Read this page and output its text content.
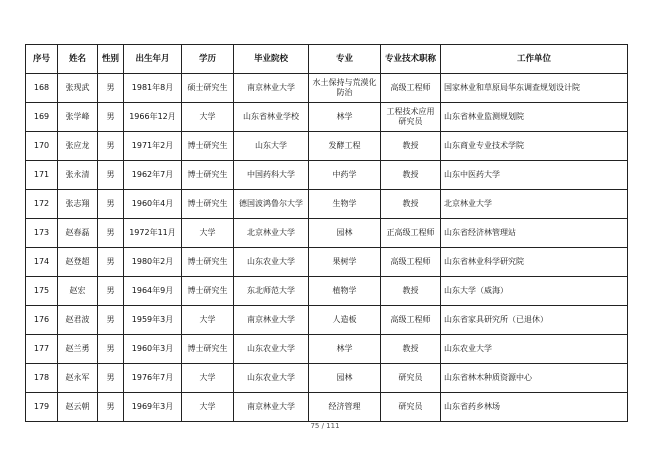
序号	姓名	性别	出生年月	学历	毕业院校	专业	专业技术职称	工作单位
168	张现武	男	1981年8月	硕士研究生	南京林业大学	水土保持与荒漠化防治	高级工程师	国家林业和草原局华东调查规划设计院
169	张学峰	男	1966年12月	大学	山东省林业学校	林学	工程技术应用研究员	山东省林业监测规划院
170	张应龙	男	1971年2月	博士研究生	山东大学	发酵工程	教授	山东商业专业技术学院
171	张永清	男	1962年7月	博士研究生	中国药科大学	中药学	教授	山东中医药大学
172	张志翔	男	1960年4月	博士研究生	德国波鸿鲁尔大学	生物学	教授	北京林业大学
173	赵春磊	男	1972年11月	大学	北京林业大学	园林	正高级工程师	山东省经济林管理站
174	赵登超	男	1980年2月	博士研究生	山东农业大学	果树学	高级工程师	山东省林业科学研究院
175	赵宏	男	1964年9月	博士研究生	东北师范大学	植物学	教授	山东大学（威海）
176	赵君波	男	1959年3月	大学	南京林业大学	人造板	高级工程师	山东省家具研究所（已退休）
177	赵兰勇	男	1960年3月	博士研究生	山东农业大学	林学	教授	山东农业大学
178	赵永军	男	1976年7月	大学	山东农业大学	园林	研究员	山东省林木种质资源中心
179	赵云朝	男	1969年3月	大学	南京林业大学	经济管理	研究员	山东省药乡林场
75 / 111
